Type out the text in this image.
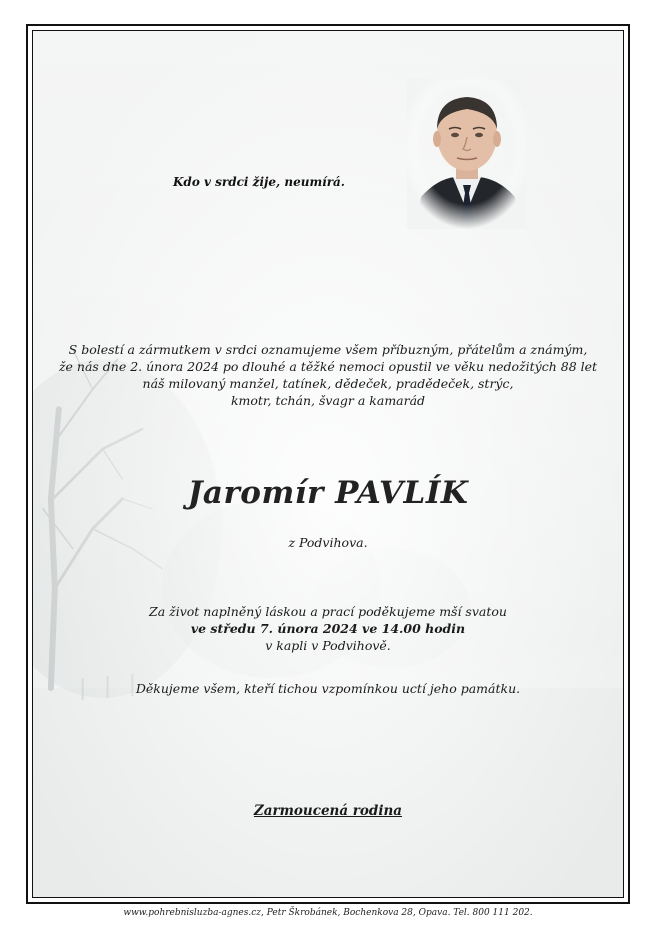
Kdo v srdci žije, neumírá.
S bolestí a zármutkem v srdci oznamujeme všem příbuzným, přátelům a známým,
že nás dne 2. února 2024 po dlouhé a těžké nemoci opustil ve věku nedožitých 88 let
náš milovaný manžel, tatínek, dědeček, pradědeček, strýc,
kmotr, tchán, švagr a kamarád
Jaromír PAVLÍK
z Podvihova.
Za život naplněný láskou a prací poděkujeme mší svatou
ve středu 7. února 2024 ve 14.00 hodin
v kapli v Podvihově.
Děkujeme všem, kteří tichou vzpomínkou uctí jeho památku.
Zarmoucená rodina
www.pohrebnisluzba-agnes.cz, Petr Škrobánek, Bochenkova 28, Opava. Tel. 800 111 202.
